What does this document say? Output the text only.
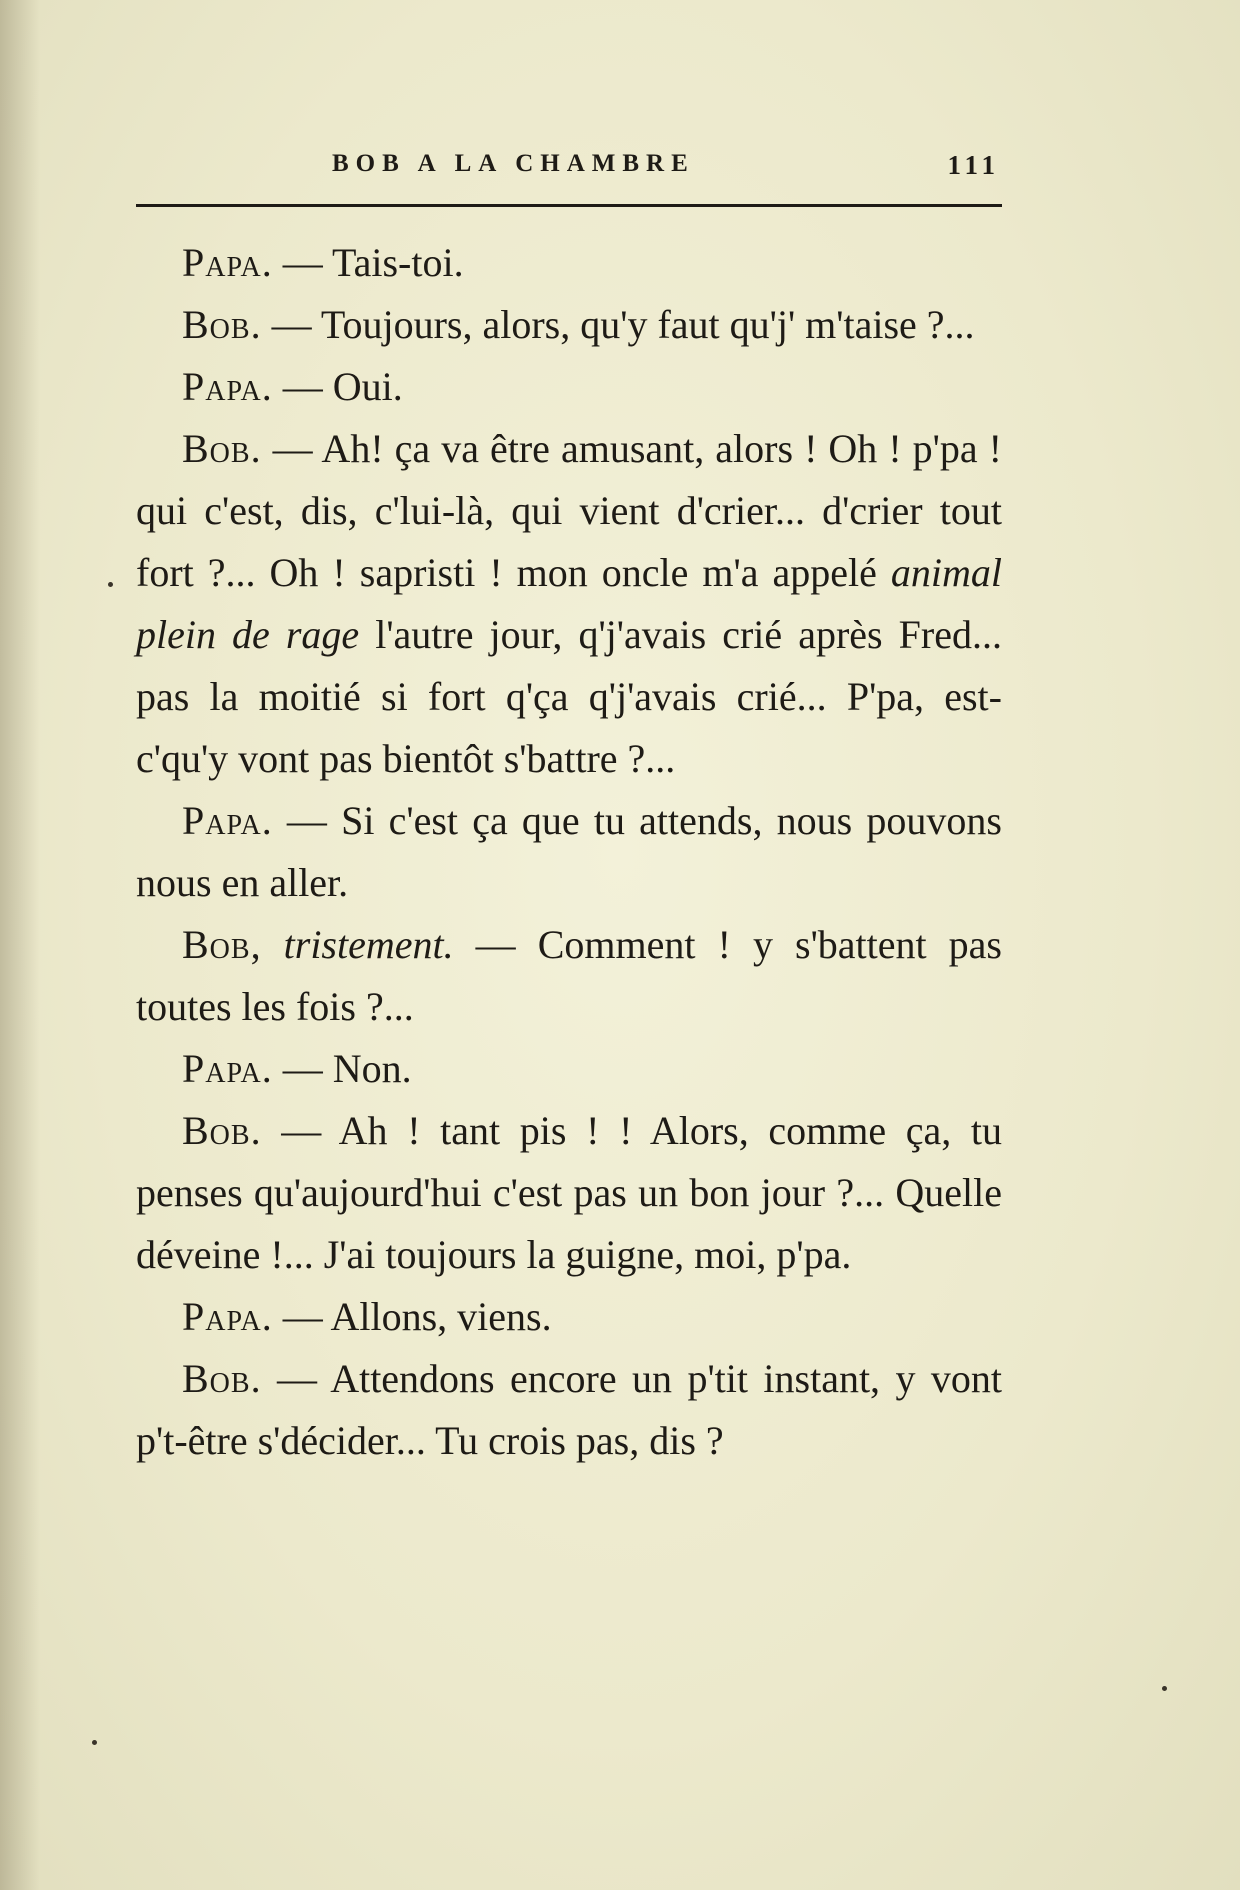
BOB A LA CHAMBRE	111

Papa. — Tais-toi.

Bob. — Toujours, alors, qu'y faut qu'j' m'taise ?...

Papa. — Oui.

Bob. — Ah! ça va être amusant, alors ! Oh ! p'pa ! qui c'est, dis, c'lui-là, qui vient d'crier... d'crier tout fort ?... Oh ! sapristi ! mon oncle m'a appelé animal plein de rage l'autre jour, q'j'avais crié après Fred... pas la moitié si fort q'ça q'j'avais crié... P'pa, est-c'qu'y vont pas bientôt s'battre ?...

Papa. — Si c'est ça que tu attends, nous pouvons nous en aller.

Bob, tristement. — Comment ! y s'battent pas toutes les fois ?...

Papa. — Non.

Bob. — Ah ! tant pis ! ! Alors, comme ça, tu penses qu'aujourd'hui c'est pas un bon jour ?... Quelle déveine !... J'ai toujours la guigne, moi, p'pa.

Papa. — Allons, viens.

Bob. — Attendons encore un p'tit instant, y vont p't-être s'décider... Tu crois pas, dis ?
